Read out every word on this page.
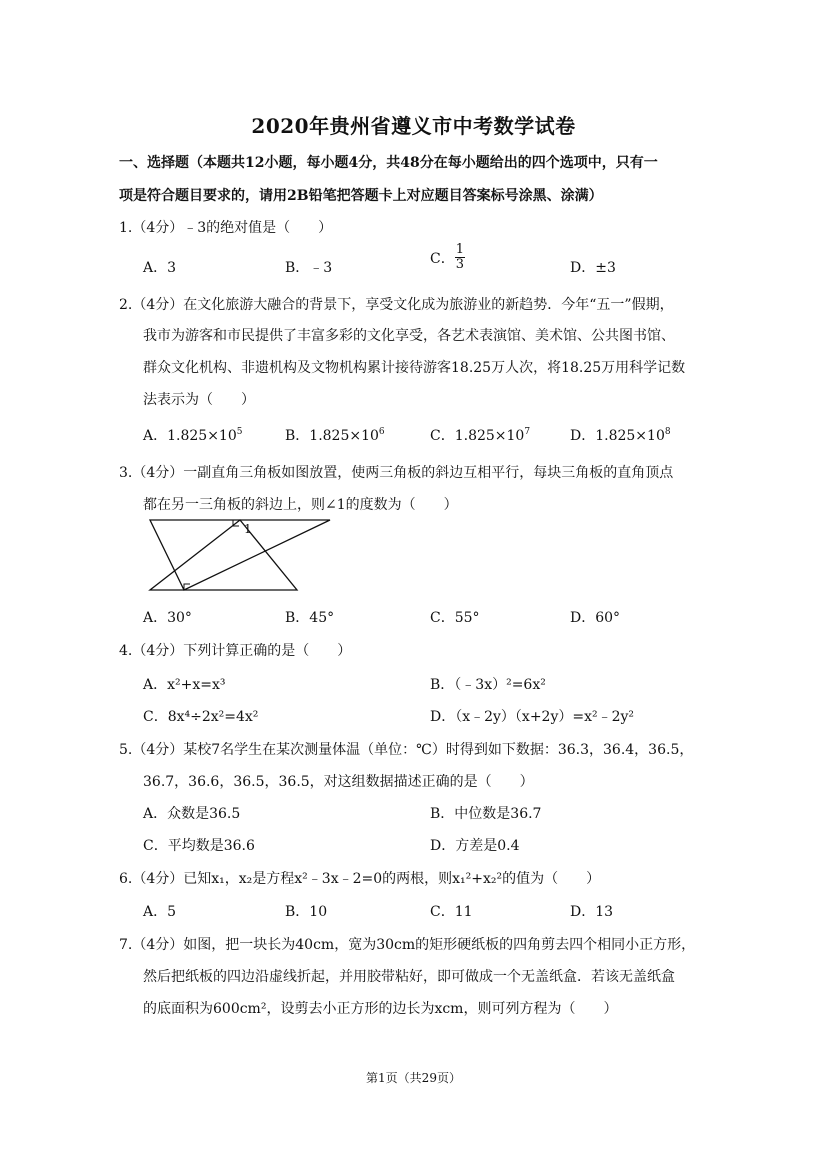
2020年贵州省遵义市中考数学试卷
一、选择题（本题共12小题，每小题4分，共48分在每小题给出的四个选项中，只有一
项是符合题目要求的，请用2B铅笔把答题卡上对应题目答案标号涂黑、涂满）
1.（4分）﹣3的绝对值是（　　）
A．3	B．﹣3
C． $\frac{1}{3}$	D．±3
2.（4分）在文化旅游大融合的背景下，享受文化成为旅游业的新趋势．今年“五一”假期，
我市为游客和市民提供了丰富多彩的文化享受，各艺术表演馆、美术馆、公共图书馆、
群众文化机构、非遗机构及文物机构累计接待游客18.25万人次，将18.25万用科学记数
法表示为（　　）
A．$1.825\times 10^5$	B．$1.825\times 10^6$	C．$1.825\times 10^7$	D．$1.825\times 10^8$
3.（4分）一副直角三角板如图放置，使两三角板的斜边互相平行，每块三角板的直角顶点
都在另一三角板的斜边上，则∠1的度数为（　　）
1
A．30°	B．45°	C．55°	D．60°
4.（4分）下列计算正确的是（　　）
A．x²+x=x³	B．（﹣3x）²=6x²
C．8x⁴÷2x²=4x²	D．（x﹣2y）（x+2y）=x²﹣2y²
5.（4分）某校7名学生在某次测量体温（单位：℃）时得到如下数据：36.3，36.4，36.5，
36.7，36.6，36.5，36.5，对这组数据描述正确的是（　　）
A．众数是36.5	B．中位数是36.7
C．平均数是36.6	D．方差是0.4
6.（4分）已知x₁，x₂是方程x²﹣3x﹣2=0的两根，则x₁²+x₂²的值为（　　）
A．5	B．10	C．11	D．13
7.（4分）如图，把一块长为40cm，宽为30cm的矩形硬纸板的四角剪去四个相同小正方形，
然后把纸板的四边沿虚线折起，并用胶带粘好，即可做成一个无盖纸盒．若该无盖纸盒
的底面积为600cm²，设剪去小正方形的边长为xcm，则可列方程为（　　）
第1页（共29页）
